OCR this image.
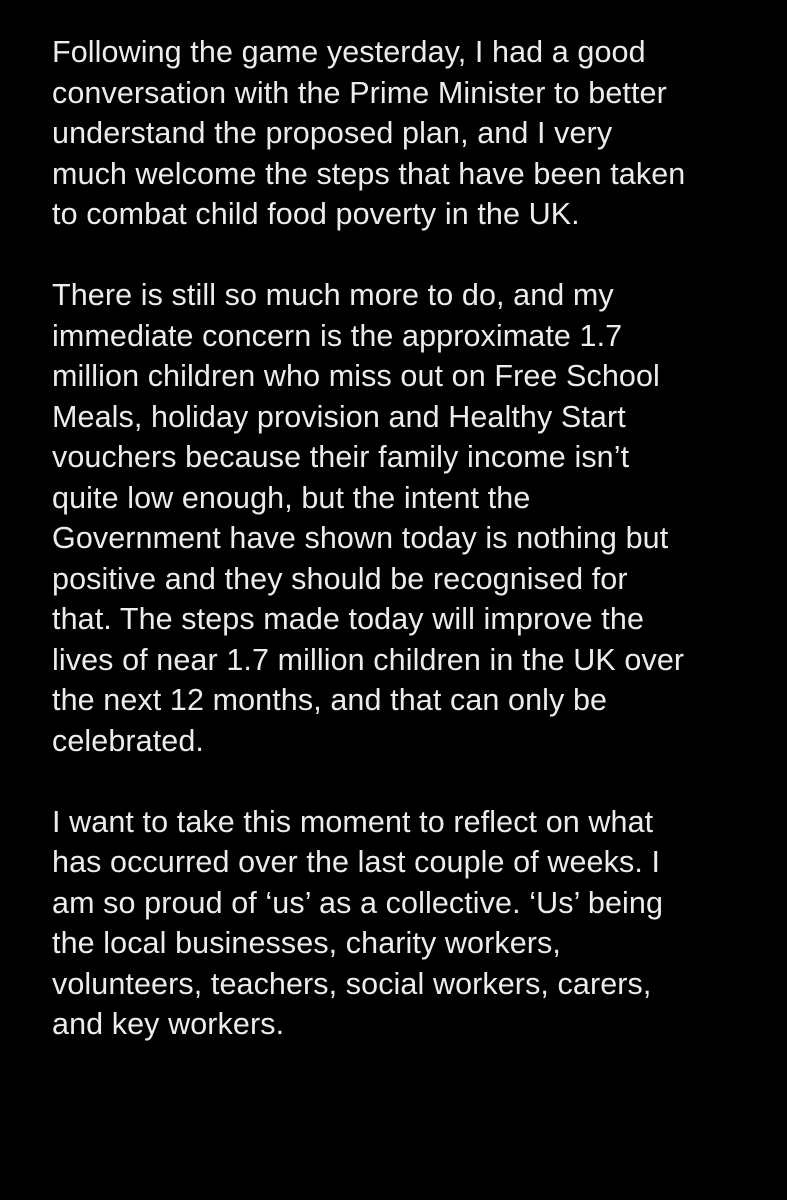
Following the game yesterday, I had a good
conversation with the Prime Minister to better
understand the proposed plan, and I very
much welcome the steps that have been taken
to combat child food poverty in the UK.
There is still so much more to do, and my
immediate concern is the approximate 1.7
million children who miss out on Free School
Meals, holiday provision and Healthy Start
vouchers because their family income isn’t
quite low enough, but the intent the
Government have shown today is nothing but
positive and they should be recognised for
that. The steps made today will improve the
lives of near 1.7 million children in the UK over
the next 12 months, and that can only be
celebrated.
I want to take this moment to reflect on what
has occurred over the last couple of weeks. I
am so proud of ‘us’ as a collective. ‘Us’ being
the local businesses, charity workers,
volunteers, teachers, social workers, carers,
and key workers.
